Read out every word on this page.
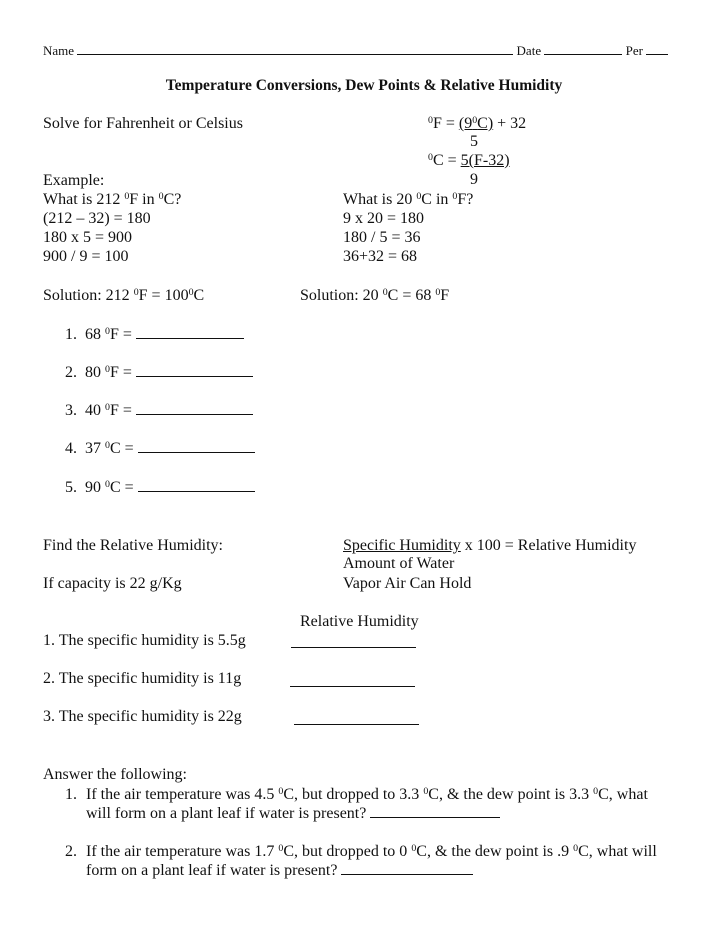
Name	Date	Per
Temperature Conversions, Dew Points & Relative Humidity
Solve for Fahrenheit or Celsius	$^0F = (9^0C) + 32$
5
$^0$C = 5(F-32)
9
Example:
What is 212 $^0$F in $^0$C?
(212 – 32) = 180
180 x 5 = 900
900 / 9 = 100
What is 20 $^0$C in $^0$F?
9 x 20 = 180
180 / 5 = 36
36+32 = 68
Solution: 212 $^0F = 100^0C$	Solution: 20 $^0$C = 68 $^0$F
1. 68 $^0$F =
2. 80 $^0$F =
3. 40 $^0$F =
4. 37 $^0$C =
5. 90 $^0$C =
Find the Relative Humidity:	Specific Humidity x 100 = Relative Humidity
Amount of Water
If capacity is 22 g/Kg	Vapor Air Can Hold
Relative Humidity
1. The specific humidity is 5.5g
2. The specific humidity is 11g
3. The specific humidity is 22g
Answer the following:
1. If the air temperature was 4.5 $^0$C, but dropped to 3.3 $^0$C, & the dew point is 3.3 $^0$C, what
will form on a plant leaf if water is present?
2. If the air temperature was 1.7 $^0$C, but dropped to 0 $^0$C, & the dew point is .9 $^0$C, what will
form on a plant leaf if water is present?
